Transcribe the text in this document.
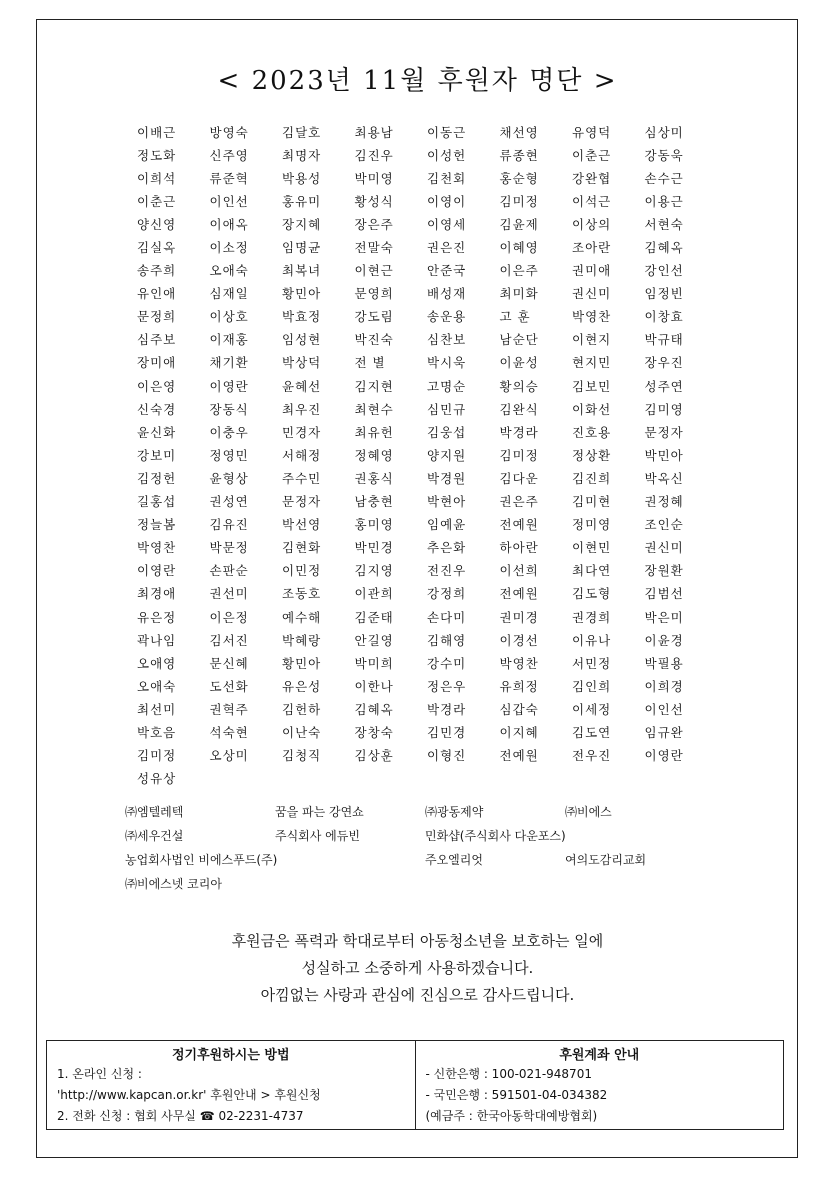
< 2023년 11월 후원자 명단 >
이배근	방영숙	김달호	최용남	이동근	채선영	유영덕	심상미
정도화	신주영	최명자	김진우	이성헌	류종현	이춘근	강동욱
이희석	류준혁	박용성	박미영	김천회	홍순형	강완협	손수근
이춘근	이인선	홍유미	황성식	이영이	김미정	이석근	이용근
양신영	이애옥	장지혜	장은주	이영세	김윤제	이상의	서현숙
김실옥	이소정	임명균	전말숙	권은진	이혜영	조아란	김혜옥
송주희	오애숙	최복녀	이현근	안준국	이은주	권미애	강인선
유인애	심재일	황민아	문영희	배성재	최미화	권신미	임정빈
문정희	이상호	박효정	강도림	송운용	고 훈	박영찬	이창효
심주보	이재홍	임성현	박진숙	심찬보	남순단	이현지	박규태
장미애	채기환	박상덕	전 별	박시욱	이윤성	현지민	장우진
이은영	이영란	윤혜선	김지현	고명순	황의승	김보민	성주연
신숙경	장동식	최우진	최현수	심민규	김완식	이화선	김미영
윤신화	이충우	민경자	최유헌	김웅섭	박경라	진호용	문정자
강보미	정영민	서해정	정혜영	양지원	김미정	정상환	박민아
김정헌	윤형상	주수민	권홍식	박경원	김다운	김진희	박옥신
길홍섭	권성연	문정자	남충현	박현아	권은주	김미현	권정혜
정늘봄	김유진	박선영	홍미영	임예윤	전예원	정미영	조인순
박영찬	박문정	김현화	박민경	추은화	하아란	이현민	권신미
이영란	손판순	이민정	김지영	전진우	이선희	최다연	장원환
최경애	권선미	조동호	이관희	강정희	전예원	김도형	김범선
유은정	이은정	예수해	김준태	손다미	권미경	권경희	박은미
곽나임	김서진	박혜랑	안길영	김해영	이경선	이유나	이윤경
오애영	문신혜	황민아	박미희	강수미	박영찬	서민정	박필용
오애숙	도선화	유은성	이한나	정은우	유희정	김인희	이희경
최선미	권혁주	김헌하	김혜옥	박경라	심갑숙	이세정	이인선
박호음	석숙현	이난숙	장창숙	김민경	이지혜	김도연	임규완
김미정	오상미	김청직	김상훈	이형진	전예원	전우진	이영란
성유상
㈜엠텔레텍	꿈을 파는 강연쇼	㈜광동제약	㈜비에스
㈜세우건설	주식회사 에듀빈	민화샵(주식회사 다운포스)
농업회사법인 비에스푸드(주)	주오엘리엇	여의도감리교회
㈜비에스넷 코리아
후원금은 폭력과 학대로부터 아동청소년을 보호하는 일에
성실하고 소중하게 사용하겠습니다.
아낌없는 사랑과 관심에 진심으로 감사드립니다.
정기후원하시는 방법
1. 온라인 신청 :
'http://www.kapcan.or.kr' 후원안내 > 후원신청
2. 전화 신청 : 협회 사무실 ☎ 02-2231-4737
후원계좌 안내
- 신한은행 : 100-021-948701
- 국민은행 : 591501-04-034382
(예금주 : 한국아동학대예방협회)
